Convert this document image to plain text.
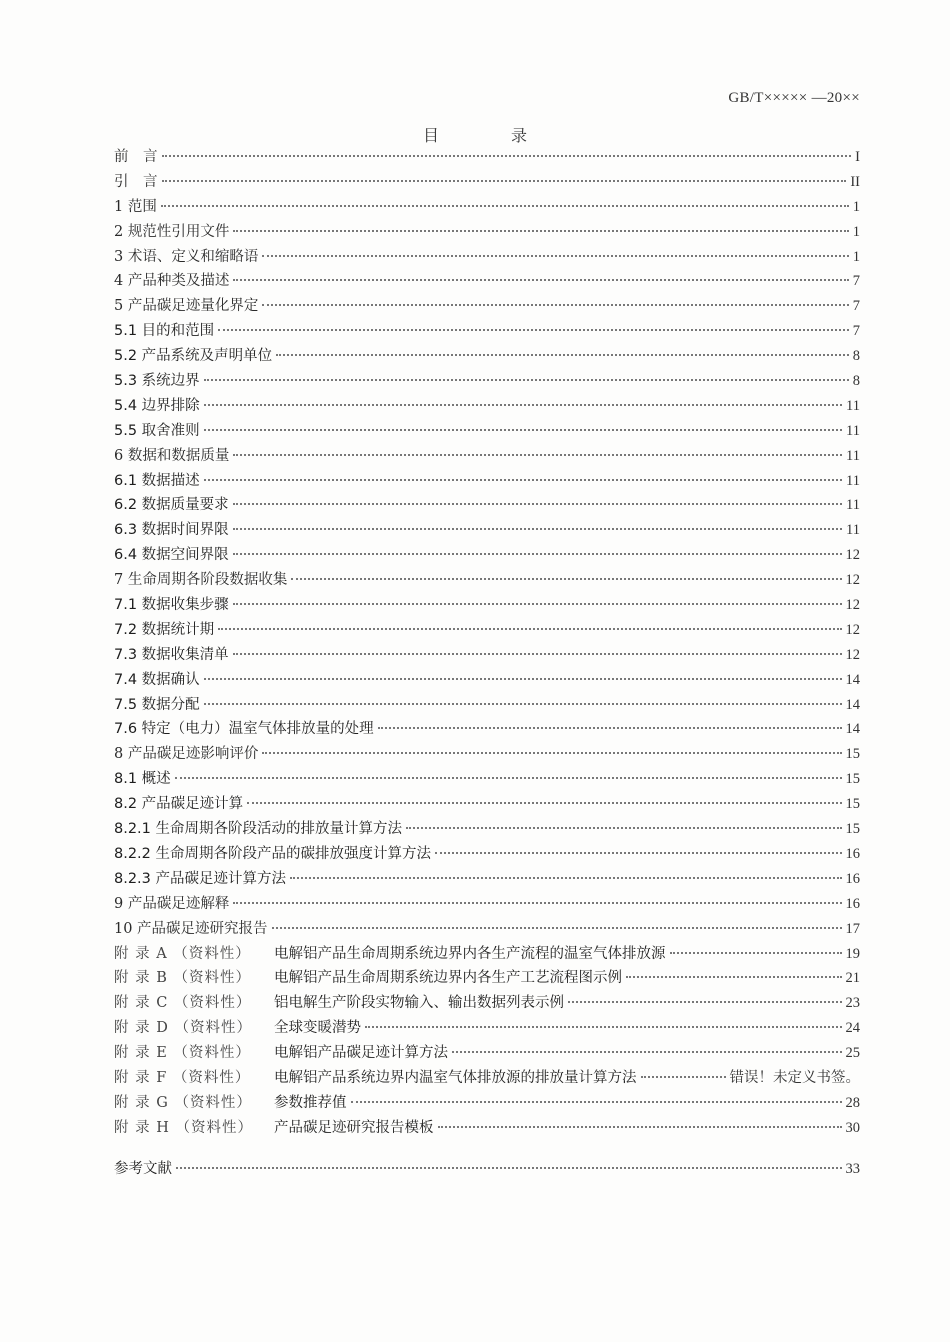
GB/T××××× —20××
目　录
前　言	I
引　言	II
1 范围	1
2 规范性引用文件	1
3 术语、定义和缩略语	1
4 产品种类及描述	7
5 产品碳足迹量化界定	7
5.1 目的和范围	7
5.2 产品系统及声明单位	8
5.3 系统边界	8
5.4 边界排除	11
5.5 取舍准则	11
6 数据和数据质量	11
6.1 数据描述	11
6.2 数据质量要求	11
6.3 数据时间界限	11
6.4 数据空间界限	12
7 生命周期各阶段数据收集	12
7.1 数据收集步骤	12
7.2 数据统计期	12
7.3 数据收集清单	12
7.4 数据确认	14
7.5 数据分配	14
7.6 特定（电力）温室气体排放量的处理	14
8 产品碳足迹影响评价	15
8.1 概述	15
8.2 产品碳足迹计算	15
8.2.1 生命周期各阶段活动的排放量计算方法	15
8.2.2 生命周期各阶段产品的碳排放强度计算方法	16
8.2.3 产品碳足迹计算方法	16
9 产品碳足迹解释	16
10 产品碳足迹研究报告	17
附 录 A （资料性） 电解铝产品生命周期系统边界内各生产流程的温室气体排放源	19
附 录 B （资料性） 电解铝产品生命周期系统边界内各生产工艺流程图示例	21
附 录 C （资料性） 铝电解生产阶段实物输入、输出数据列表示例	23
附 录 D （资料性） 全球变暖潜势	24
附 录 E （资料性） 电解铝产品碳足迹计算方法	25
附 录 F （资料性） 电解铝产品系统边界内温室气体排放源的排放量计算方法	错误！未定义书签。
附 录 G （资料性） 参数推荐值	28
附 录 H （资料性） 产品碳足迹研究报告模板	30
参考文献	33
